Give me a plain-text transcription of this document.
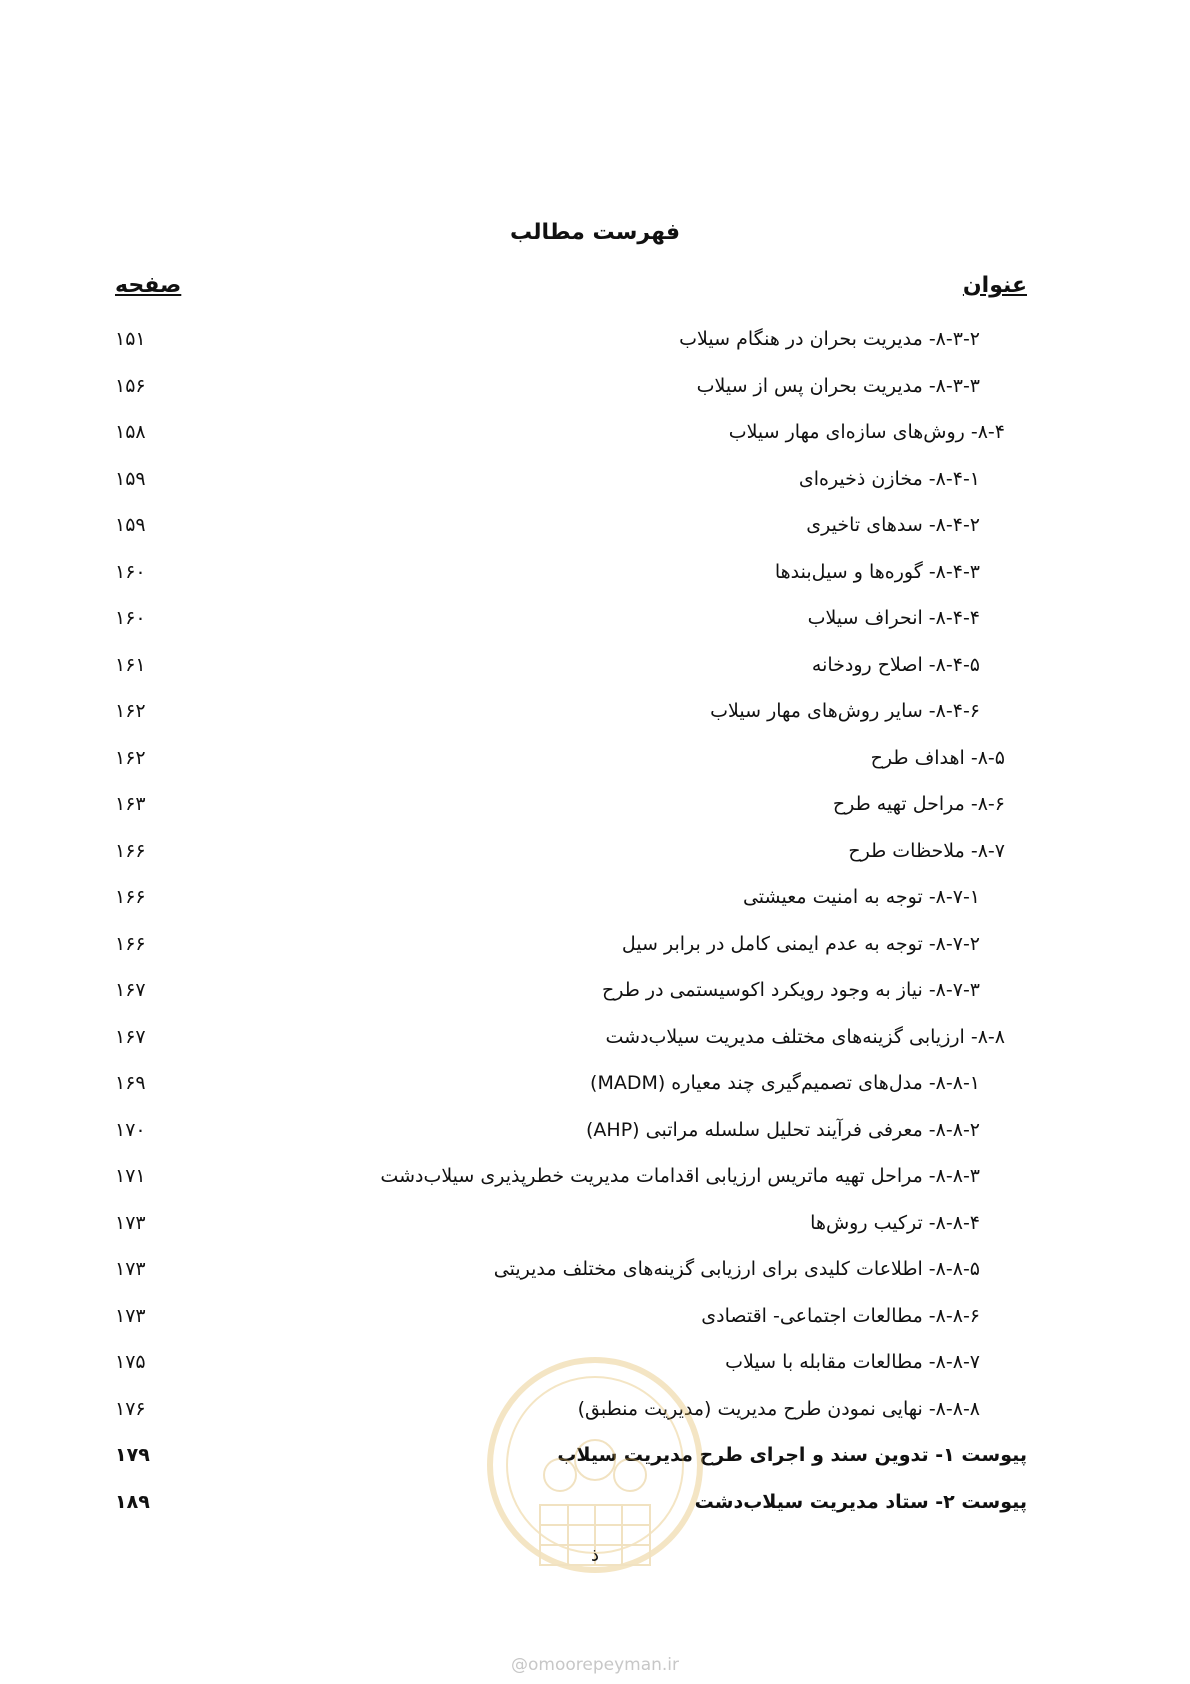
فهرست مطالب
عنوان
صفحه
۸-۳-۲- مدیریت بحران در هنگام سیلاب
۱۵۱
۸-۳-۳- مدیریت بحران پس از سیلاب
۱۵۶
۸-۴- روش‌های سازه‌ای مهار سیلاب
۱۵۸
۸-۴-۱- مخازن ذخیره‌ای
۱۵۹
۸-۴-۲- سدهای تاخیری
۱۵۹
۸-۴-۳- گوره‌ها و سیل‌بندها
۱۶۰
۸-۴-۴- انحراف سیلاب
۱۶۰
۸-۴-۵- اصلاح رودخانه
۱۶۱
۸-۴-۶- سایر روش‌های مهار سیلاب
۱۶۲
۸-۵- اهداف طرح
۱۶۲
۸-۶- مراحل تهیه طرح
۱۶۳
۸-۷- ملاحظات طرح
۱۶۶
۸-۷-۱- توجه به امنیت معیشتی
۱۶۶
۸-۷-۲- توجه به عدم ایمنی کامل در برابر سیل
۱۶۶
۸-۷-۳- نیاز به وجود رویکرد اکوسیستمی در طرح
۱۶۷
۸-۸- ارزیابی گزینه‌های مختلف مدیریت سیلاب‌دشت
۱۶۷
۸-۸-۱- مدل‌های تصمیم‌گیری چند معیاره (MADM)
۱۶۹
۸-۸-۲- معرفی فرآیند تحلیل سلسله مراتبی (AHP)
۱۷۰
۸-۸-۳- مراحل تهیه ماتریس ارزیابی اقدامات مدیریت خطرپذیری سیلاب‌دشت
۱۷۱
۸-۸-۴- ترکیب روش‌ها
۱۷۳
۸-۸-۵- اطلاعات کلیدی برای ارزیابی گزینه‌های مختلف مدیریتی
۱۷۳
۸-۸-۶- مطالعات اجتماعی- اقتصادی
۱۷۳
۸-۸-۷- مطالعات مقابله با سیلاب
۱۷۵
۸-۸-۸- نهایی نمودن طرح مدیریت (مدیریت منطبق)
۱۷۶
پیوست ۱- تدوین سند و اجرای طرح مدیریت سیلاب
۱۷۹
پیوست ۲- ستاد مدیریت سیلاب‌دشت
۱۸۹
ذ
@omoorepeyman.ir
